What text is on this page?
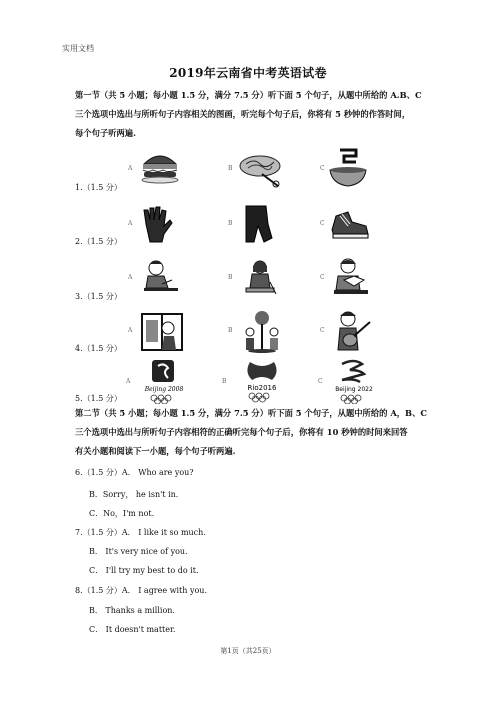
实用文档
2019年云南省中考英语试卷
第一节（共 5 小题；每小题 1.5 分，满分 7.5 分）听下面 5 个句子，从题中所给的 A.B、C
三个选项中选出与所听句子内容相关的图画，听完每个句子后，你将有 5 秒钟的作答时间，
每个句子听两遍.
1.（1.5 分）
A	B	C
2.（1.5 分）
A	B	C
3.（1.5 分）
A	B	C
4.（1.5 分）
A	B	C
5.（1.5 分）
A	B	C
Beijing 2008	Rio2016	Beijing 2022
第二节（共 5 小题；每小题 1.5 分，满分 7.5 分）听下面 5 个句子，从题中所给的 A，B、C
三个选项中选出与所听句子内容相符的正确听完每个句子后，你将有 10 秒钟的时间来回答
有关小题和阅读下一小题，每个句子听两遍.
6.（1.5 分）A． Who are you?
B．Sorry， he isn't in.
C．No，I'm not.
7.（1.5 分）A． I like it so much.
B． It's very nice of you.
C． I'll try my best to do it.
8.（1.5 分）A． I agree with you.
B． Thanks a million.
C． It doesn't matter.
第1页（共25页）
